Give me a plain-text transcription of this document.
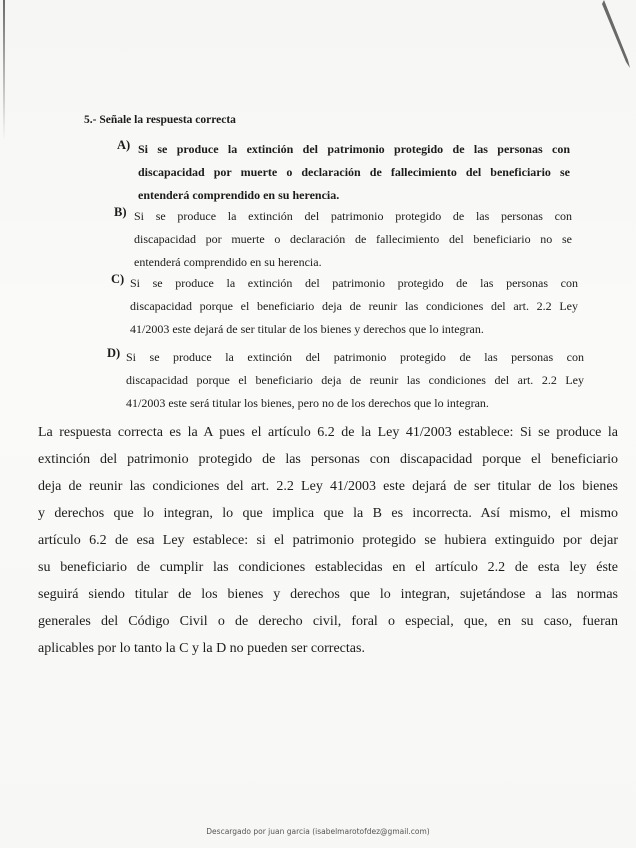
5.- Señale la respuesta correcta
A) Si se produce la extinción del patrimonio protegido de las personas con
discapacidad por muerte o declaración de fallecimiento del beneficiario se
entenderá comprendido en su herencia.
B) Si se produce la extinción del patrimonio protegido de las personas con
discapacidad por muerte o declaración de fallecimiento del beneficiario no se
entenderá comprendido en su herencia.
C) Si se produce la extinción del patrimonio protegido de las personas con
discapacidad porque el beneficiario deja de reunir las condiciones del art. 2.2 Ley
41/2003 este dejará de ser titular de los bienes y derechos que lo integran.
D) Si se produce la extinción del patrimonio protegido de las personas con
discapacidad porque el beneficiario deja de reunir las condiciones del art. 2.2 Ley
41/2003 este será titular los bienes, pero no de los derechos que lo integran.
La respuesta correcta es la A pues el artículo 6.2 de la Ley 41/2003 establece: Si se produce la
extinción del patrimonio protegido de las personas con discapacidad porque el beneficiario
deja de reunir las condiciones del art. 2.2 Ley 41/2003 este dejará de ser titular de los bienes
y derechos que lo integran, lo que implica que la B es incorrecta. Así mismo, el mismo
artículo 6.2 de esa Ley establece: si el patrimonio protegido se hubiera extinguido por dejar
su beneficiario de cumplir las condiciones establecidas en el artículo 2.2 de esta ley éste
seguirá siendo titular de los bienes y derechos que lo integran, sujetándose a las normas
generales del Código Civil o de derecho civil, foral o especial, que, en su caso, fueran
aplicables por lo tanto la C y la D no pueden ser correctas.
Descargado por juan garcia (isabelmarotofdez@gmail.com)
